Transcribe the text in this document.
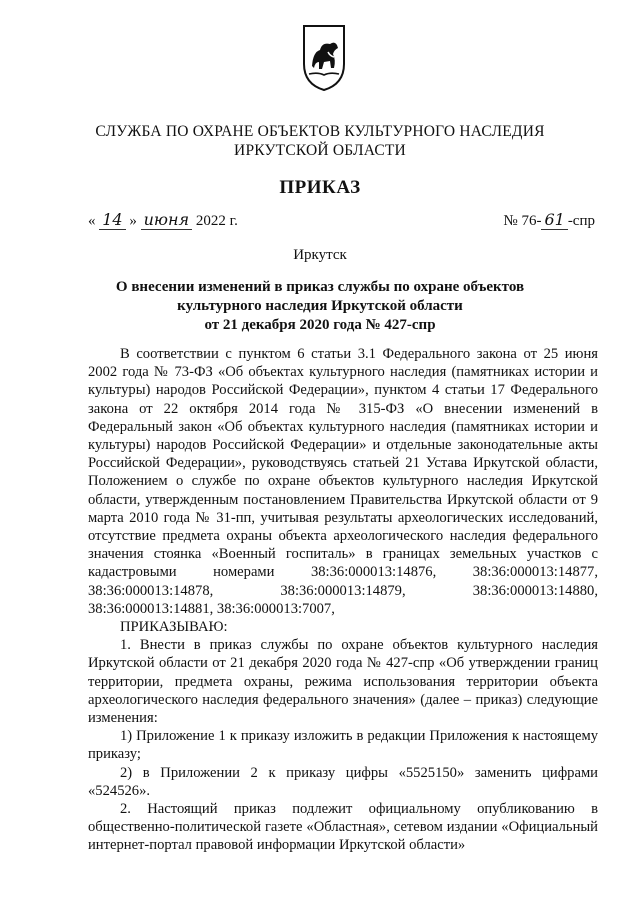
СЛУЖБА ПО ОХРАНЕ ОБЪЕКТОВ КУЛЬТУРНОГО НАСЛЕДИЯ
ИРКУТСКОЙ ОБЛАСТИ
ПРИКАЗ
« 14 » июня 2022 г.	№ 76- 61 -спр
Иркутск
О внесении изменений в приказ службы по охране объектов
культурного наследия Иркутской области
от 21 декабря 2020 года № 427-спр

В соответствии с пунктом 6 статьи 3.1 Федерального закона от 25 июня 2002 года № 73-ФЗ «Об объектах культурного наследия (памятниках истории и культуры) народов Российской Федерации», пунктом 4 статьи 17 Федерального закона от 22 октября 2014 года № 315-ФЗ «О внесении изменений в Федеральный закон «Об объектах культурного наследия (памятниках истории и культуры) народов Российской Федерации» и отдельные законодательные акты Российской Федерации», руководствуясь статьей 21 Устава Иркутской области, Положением о службе по охране объектов культурного наследия Иркутской области, утвержденным постановлением Правительства Иркутской области от 9 марта 2010 года № 31-пп, учитывая результаты археологических исследований, отсутствие предмета охраны объекта археологического наследия федерального значения стоянка «Военный госпиталь» в границах земельных участков с кадастровыми номерами 38:36:000013:14876, 38:36:000013:14877, 38:36:000013:14878, 38:36:000013:14879, 38:36:000013:14880, 38:36:000013:14881, 38:36:000013:7007,

ПРИКАЗЫВАЮ:

1. Внести в приказ службы по охране объектов культурного наследия Иркутской области от 21 декабря 2020 года № 427-спр «Об утверждении границ территории, предмета охраны, режима использования территории объекта археологического наследия федерального значения» (далее – приказ) следующие изменения:

1) Приложение 1 к приказу изложить в редакции Приложения к настоящему приказу;

2) в Приложении 2 к приказу цифры «5525150» заменить цифрами «524526».

2. Настоящий приказ подлежит официальному опубликованию в общественно-политической газете «Областная», сетевом издании «Официальный интернет-портал правовой информации Иркутской области»
